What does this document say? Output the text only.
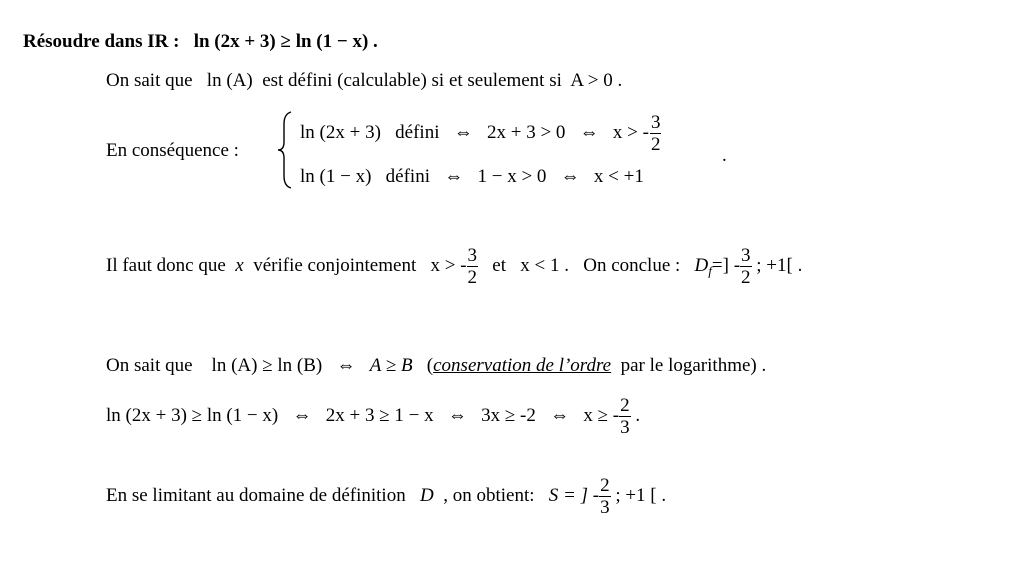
Résoudre dans IR : ln (2x + 3) ≥ ln (1 − x) .
On sait que ln (A) est défini (calculable) si et seulement si A > 0 .
En conséquence :
ln (2x + 3) défini ⇔ 2x + 3 > 0 ⇔ x > - $\frac{3}{2}$
.
ln (1 − x) défini ⇔ 1 − x > 0 ⇔ x < +1
Il faut donc que x vérifie conjointement x > - $\frac{3}{2}$ et x < 1 . On conclue : $D_f=] - \frac{3}{2}$ ; +1[ .
On sait que ln (A) ≥ ln (B) ⇔ A ≥ B (conservation de l’ordre par le logarithme) .
ln (2x + 3) ≥ ln (1 − x) ⇔ 2x + 3 ≥ 1 − x ⇔ 3x ≥ -2 ⇔ x ≥ - $\frac{2}{3}$ .
En se limitant au domaine de définition D , on obtient: S = ] - $\frac{2}{3}$ ; +1 [ .
